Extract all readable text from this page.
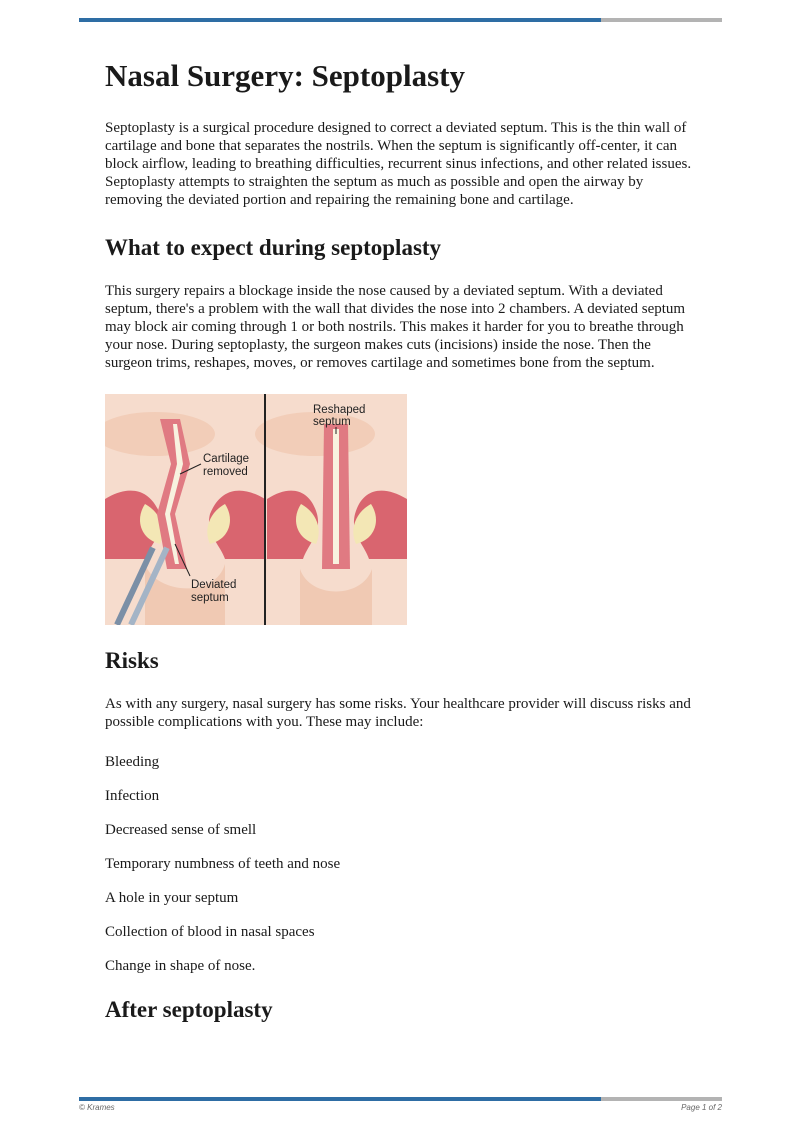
Nasal Surgery: Septoplasty

Septoplasty is a surgical procedure designed to correct a deviated septum. This is the thin wall of cartilage and bone that separates the nostrils. When the septum is significantly off-center, it can block airflow, leading to breathing difficulties, recurrent sinus infections, and other related issues. Septoplasty attempts to straighten the septum as much as possible and open the airway by removing the deviated portion and repairing the remaining bone and cartilage.

What to expect during septoplasty

This surgery repairs a blockage inside the nose caused by a deviated septum. With a deviated septum, there's a problem with the wall that divides the nose into 2 chambers. A deviated septum may block air coming through 1 or both nostrils. This makes it harder for you to breathe through your nose. During septoplasty, the surgeon makes cuts (incisions) inside the nose. Then the surgeon trims, reshapes, moves, or removes cartilage and sometimes bone from the septum.

Cartilage
removed
Deviated
septum
Reshaped
septum
Risks

As with any surgery, nasal surgery has some risks. Your healthcare provider will discuss risks and possible complications with you. These may include:

Bleeding

Infection

Decreased sense of smell

Temporary numbness of teeth and nose

A hole in your septum

Collection of blood in nasal spaces

Change in shape of nose.

After septoplasty
© Krames	Page 1 of 2
